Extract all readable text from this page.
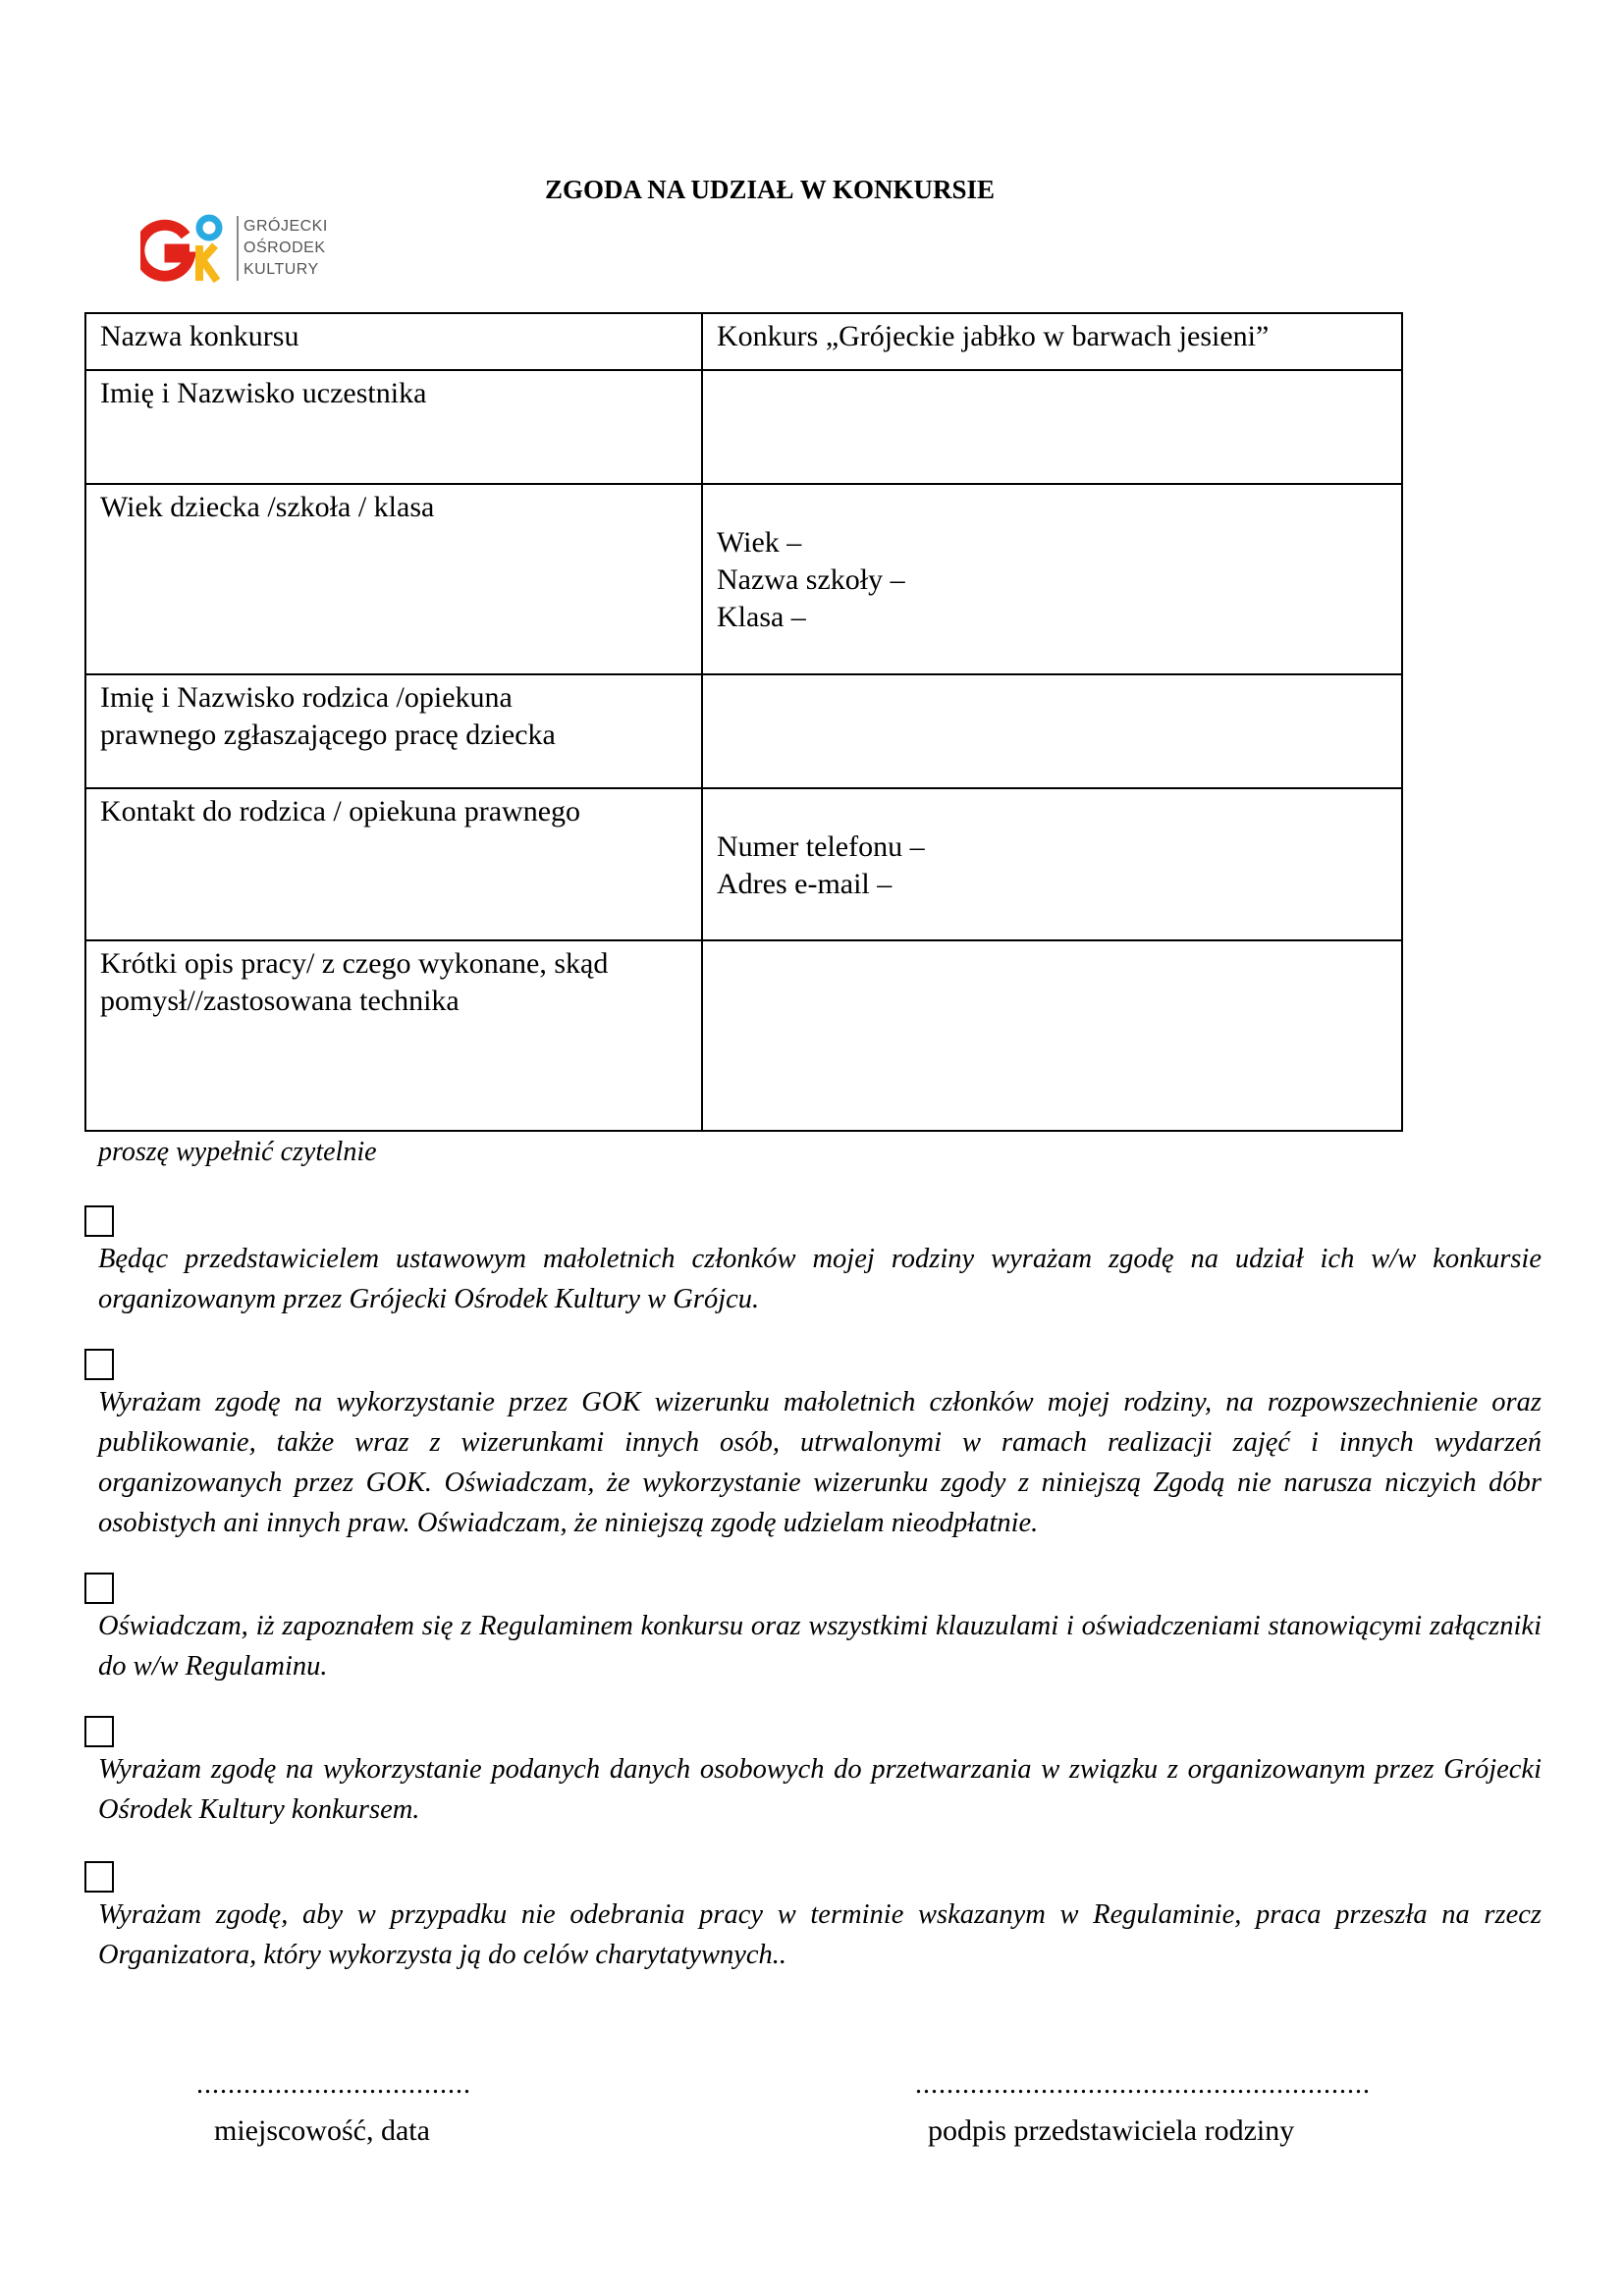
GRÓJECKI
OŚRODEK
KULTURY
ZGODA NA UDZIAŁ W KONKURSIE
Nazwa konkursu	Konkurs „Grójeckie jabłko w barwach jesieni”
Imię i Nazwisko uczestnika	
Wiek dziecka /szkoła / klasa	Wiek –
Nazwa szkoły –
Klasa –

Imię i Nazwisko rodzica /opiekuna
prawnego zgłaszającego pracę dziecka	

Kontakt do rodzica / opiekuna prawnego	Numer telefonu –
Adres e-mail –

Krótki opis pracy/ z czego wykonane, skąd
pomysł//zastosowana technika	

proszę wypełnić czytelnie

Będąc przedstawicielem ustawowym małoletnich członków mojej rodziny wyrażam zgodę na udział ich w/w konkursie organizowanym przez Grójecki Ośrodek Kultury w Grójcu.

Wyrażam zgodę na wykorzystanie przez GOK wizerunku małoletnich członków mojej rodziny, na rozpowszechnienie oraz publikowanie, także wraz z wizerunkami innych osób, utrwalonymi w ramach realizacji zajęć i innych wydarzeń organizowanych przez GOK. Oświadczam, że wykorzystanie wizerunku zgody z niniejszą Zgodą nie narusza niczyich dóbr osobistych ani innych praw. Oświadczam, że niniejszą zgodę udzielam nieodpłatnie.

Oświadczam, iż zapoznałem się z Regulaminem konkursu oraz wszystkimi klauzulami i oświadczeniami stanowiącymi załączniki do w/w Regulaminu.

Wyrażam zgodę na wykorzystanie podanych danych osobowych do przetwarzania w związku z organizowanym przez Grójecki Ośrodek Kultury konkursem.

Wyrażam zgodę, aby w przypadku nie odebrania pracy w terminie wskazanym w Regulaminie, praca przeszła na rzecz Organizatora, który wykorzysta ją do celów charytatywnych..

...................................
miejscowość, data
..........................................................
podpis przedstawiciela rodziny
